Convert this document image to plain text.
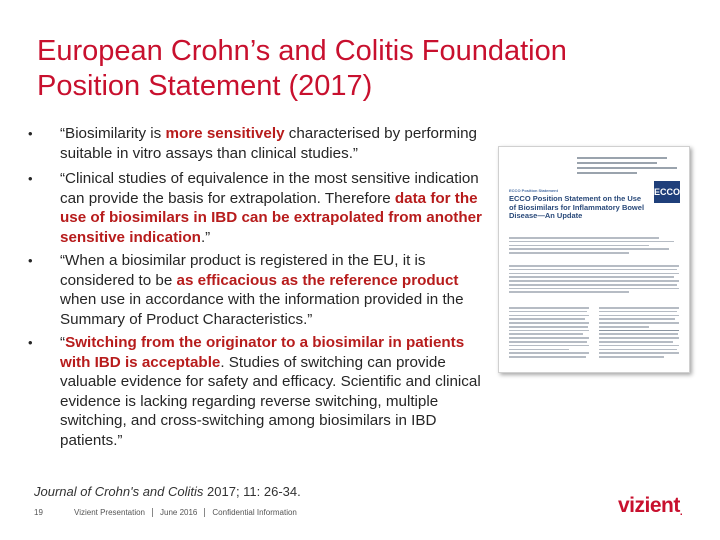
European Crohn’s and Colitis Foundation
Position Statement (2017)
• “Biosimilarity is more sensitively characterised by performing suitable in vitro assays than clinical studies.”
• “Clinical studies of equivalence in the most sensitive indication can provide the basis for extrapolation. Therefore data for the use of biosimilars in IBD can be extrapolated from another sensitive indication.”
• “When a biosimilar product is registered in the EU, it is considered to be as efficacious as the reference product when use in accordance with the information provided in the Summary of Product Characteristics.”
• “Switching from the originator to a biosimilar in patients with IBD is acceptable. Studies of switching can provide valuable evidence for safety and efficacy. Scientific and clinical evidence is lacking regarding reverse switching, multiple switching, and cross-switching among biosimilars in IBD patients.”
ECCO Position Statement
ECCO Position Statement on the Use of Biosimilars for Inflammatory Bowel Disease—An Update
ECCO
Journal of Crohn's and Colitis 2017; 11: 26-34.
19	Vizient Presentation June 2016 Confidential Information	vizient.
